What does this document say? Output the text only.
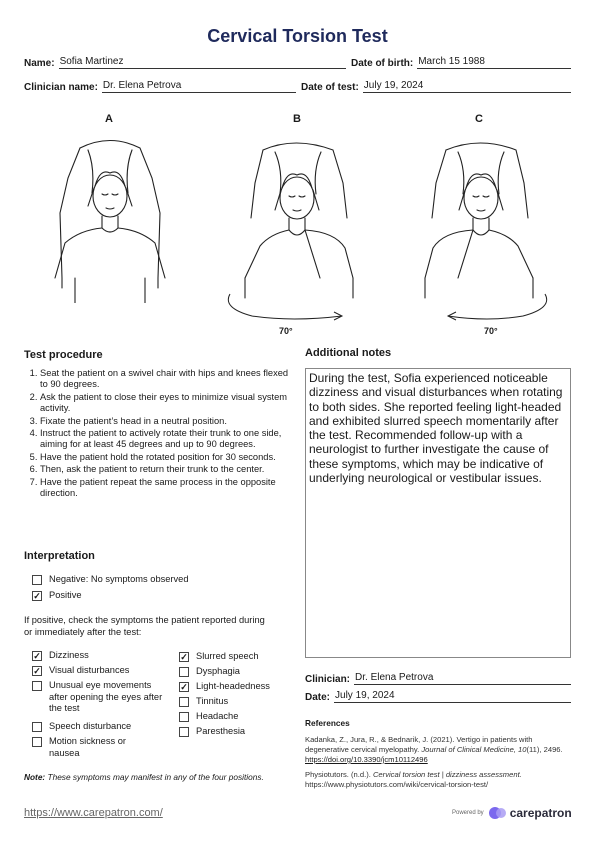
Cervical Torsion Test
Name: Sofia Martinez	Date of birth: March 15 1988
Clinician name: Dr. Elena Petrova	Date of test: July 19, 2024
A	B	C
70°	70°
Test procedure
1. Seat the patient on a swivel chair with hips and knees flexed to 90 degrees.
2. Ask the patient to close their eyes to minimize visual system activity.
3. Fixate the patient’s head in a neutral position.
4. Instruct the patient to actively rotate their trunk to one side, aiming for at least 45 degrees and up to 90 degrees.
5. Have the patient hold the rotated position for 30 seconds.
6. Then, ask the patient to return their trunk to the center.
7. Have the patient repeat the same process in the opposite direction.
Interpretation
Negative: No symptoms observed
✓ Positive
If positive, check the symptoms the patient reported during or immediately after the test:
✓ Dizziness
✓ Visual disturbances
Unusual eye movements after opening the eyes after the test
Speech disturbance
Motion sickness or nausea
✓ Slurred speech
Dysphagia
✓ Light-headedness
Tinnitus
Headache
Paresthesia
Note: These symptoms may manifest in any of the four positions.
Additional notes
During the test, Sofia experienced noticeable dizziness and visual disturbances when rotating to both sides. She reported feeling light-headed and exhibited slurred speech momentarily after the test. Recommended follow-up with a neurologist to further investigate the cause of these symptoms, which may be indicative of underlying neurological or vestibular issues.
Clinician: Dr. Elena Petrova
Date: July 19, 2024
References
Kadanka, Z., Jura, R., & Bednarik, J. (2021). Vertigo in patients with degenerative cervical myelopathy. Journal of Clinical Medicine, 10(11), 2496. https://doi.org/10.3390/jcm10112496
Physiotutors. (n.d.). Cervical torsion test | dizziness assessment. https://www.physiotutors.com/wiki/cervical-torsion-test/
https://www.carepatron.com/	Powered by carepatron
